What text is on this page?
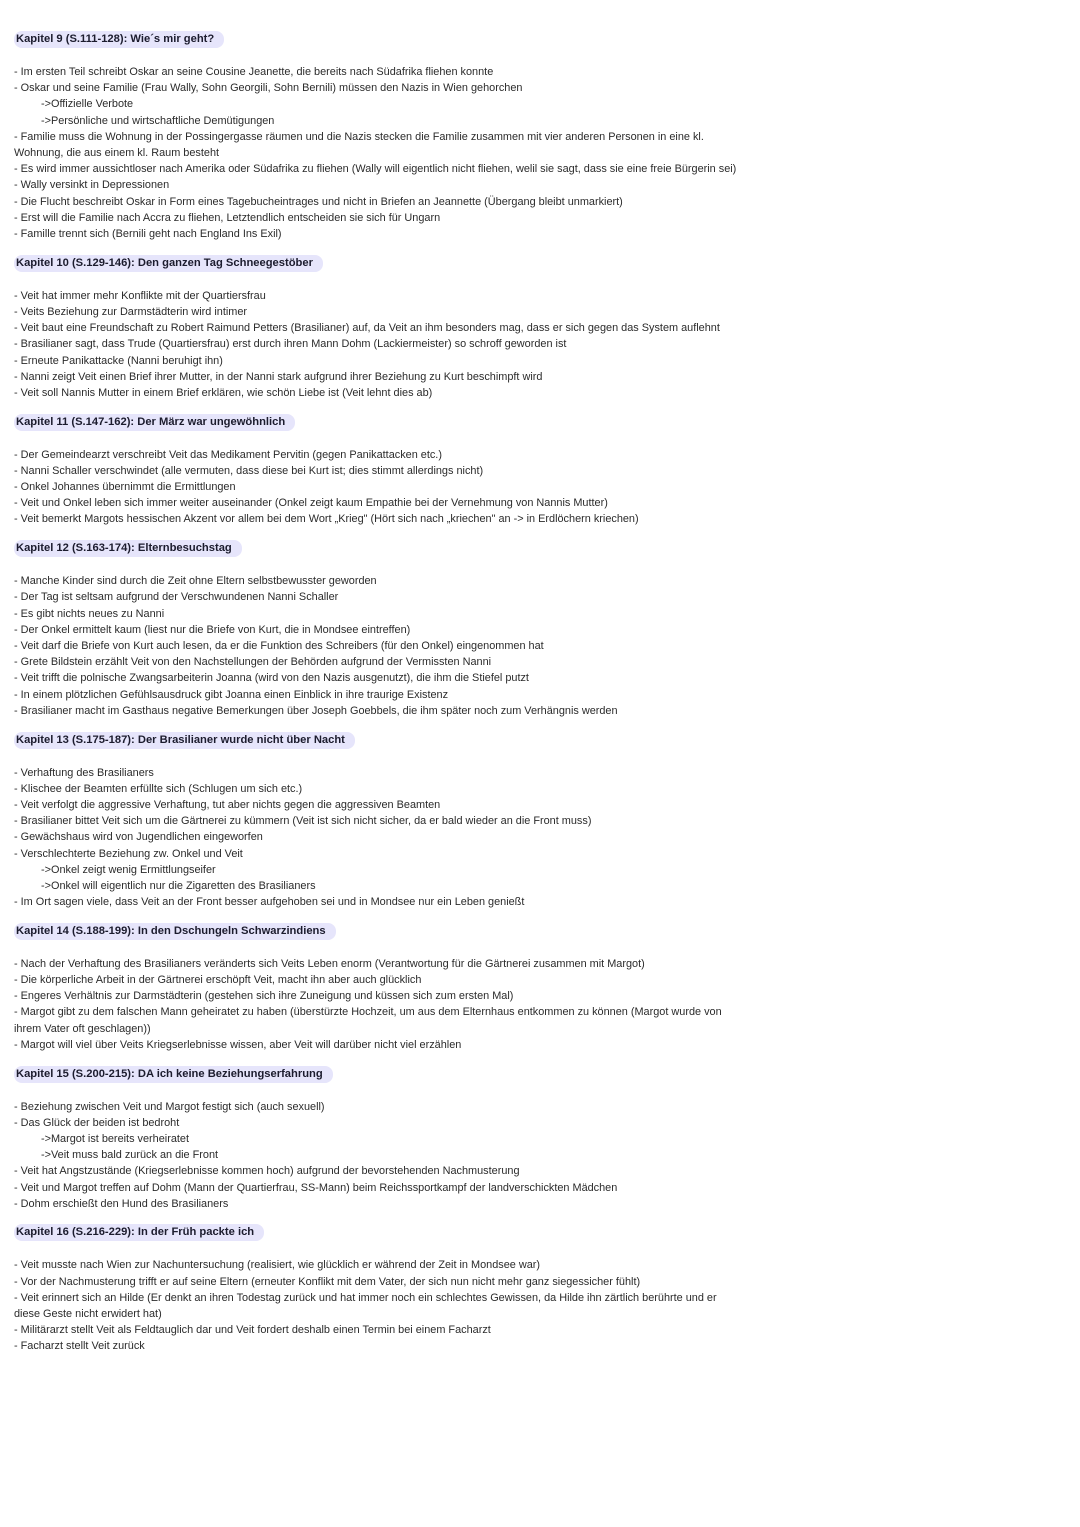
Kapitel 9 (S.111-128): Wie´s mir geht?
- Im ersten Teil schreibt Oskar an seine Cousine Jeanette, die bereits nach Südafrika fliehen konnte
- Oskar und seine Familie (Frau Wally, Sohn Georgili, Sohn Bernili) müssen den Nazis in Wien gehorchen
->Offizielle Verbote
->Persönliche und wirtschaftliche Demütigungen
- Familie muss die Wohnung in der Possingergasse räumen und die Nazis stecken die Familie zusammen mit vier anderen Personen in eine kl. Wohnung, die aus einem kl. Raum besteht
- Es wird immer aussichtloser nach Amerika oder Südafrika zu fliehen (Wally will eigentlich nicht fliehen, welil sie sagt, dass sie eine freie Bürgerin sei)
- Wally versinkt in Depressionen
- Die Flucht beschreibt Oskar in Form eines Tagebucheintrages und nicht in Briefen an Jeannette (Übergang bleibt unmarkiert)
- Erst will die Familie nach Accra zu fliehen, Letztendlich entscheiden sie sich für Ungarn
- Famille trennt sich (Bernili geht nach England Ins Exil)
Kapitel 10 (S.129-146): Den ganzen Tag Schneegestöber
- Veit hat immer mehr Konflikte mit der Quartiersfrau
- Veits Beziehung zur Darmstädterin wird intimer
- Veit baut eine Freundschaft zu Robert Raimund Petters (Brasilianer) auf, da Veit an ihm besonders mag, dass er sich gegen das System auflehnt
- Brasilianer sagt, dass Trude (Quartiersfrau) erst durch ihren Mann Dohm (Lackiermeister) so schroff geworden ist
- Erneute Panikattacke (Nanni beruhigt ihn)
- Nanni zeigt Veit einen Brief ihrer Mutter, in der Nanni stark aufgrund ihrer Beziehung zu Kurt beschimpft wird
- Veit soll Nannis Mutter in einem Brief erklären, wie schön Liebe ist (Veit lehnt dies ab)
Kapitel 11 (S.147-162): Der März war ungewöhnlich
- Der Gemeindearzt verschreibt Veit das Medikament Pervitin (gegen Panikattacken etc.)
- Nanni Schaller verschwindet (alle vermuten, dass diese bei Kurt ist; dies stimmt allerdings nicht)
- Onkel Johannes übernimmt die Ermittlungen
- Veit und Onkel leben sich immer weiter auseinander (Onkel zeigt kaum Empathie bei der Vernehmung von Nannis Mutter)
- Veit bemerkt Margots hessischen Akzent vor allem bei dem Wort „Krieg" (Hört sich nach „kriechen" an -> in Erdlöchern kriechen)
Kapitel 12 (S.163-174): Elternbesuchstag
- Manche Kinder sind durch die Zeit ohne Eltern selbstbewusster geworden
- Der Tag ist seltsam aufgrund der Verschwundenen Nanni Schaller
- Es gibt nichts neues zu Nanni
- Der Onkel ermittelt kaum (liest nur die Briefe von Kurt, die in Mondsee eintreffen)
- Veit darf die Briefe von Kurt auch lesen, da er die Funktion des Schreibers (für den Onkel) eingenommen hat
- Grete Bildstein erzählt Veit von den Nachstellungen der Behörden aufgrund der Vermissten Nanni
- Veit trifft die polnische Zwangsarbeiterin Joanna (wird von den Nazis ausgenutzt), die ihm die Stiefel putzt
- In einem plötzlichen Gefühlsausdruck gibt Joanna einen Einblick in ihre traurige Existenz
- Brasilianer macht im Gasthaus negative Bemerkungen über Joseph Goebbels, die ihm später noch zum Verhängnis werden
Kapitel 13 (S.175-187): Der Brasilianer wurde nicht über Nacht
- Verhaftung des Brasilianers
- Klischee der Beamten erfüllte sich (Schlugen um sich etc.)
- Veit verfolgt die aggressive Verhaftung, tut aber nichts gegen die aggressiven Beamten
- Brasilianer bittet Veit sich um die Gärtnerei zu kümmern (Veit ist sich nicht sicher, da er bald wieder an die Front muss)
- Gewächshaus wird von Jugendlichen eingeworfen
- Verschlechterte Beziehung zw. Onkel und Veit
->Onkel zeigt wenig Ermittlungseifer
->Onkel will eigentlich nur die Zigaretten des Brasilianers
- Im Ort sagen viele, dass Veit an der Front besser aufgehoben sei und in Mondsee nur ein Leben genießt
Kapitel 14 (S.188-199): In den Dschungeln Schwarzindiens
- Nach der Verhaftung des Brasilianers veränderts sich Veits Leben enorm (Verantwortung für die Gärtnerei zusammen mit Margot)
- Die körperliche Arbeit in der Gärtnerei erschöpft Veit, macht ihn aber auch glücklich
- Engeres Verhältnis zur Darmstädterin (gestehen sich ihre Zuneigung und küssen sich zum ersten Mal)
- Margot gibt zu dem falschen Mann geheiratet zu haben (überstürzte Hochzeit, um aus dem Elternhaus entkommen zu können (Margot wurde von ihrem Vater oft geschlagen))
- Margot will viel über Veits Kriegserlebnisse wissen, aber Veit will darüber nicht viel erzählen
Kapitel 15 (S.200-215): DA ich keine Beziehungserfahrung
- Beziehung zwischen Veit und Margot festigt sich (auch sexuell)
- Das Glück der beiden ist bedroht
->Margot ist bereits verheiratet
->Veit muss bald zurück an die Front
- Veit hat Angstzustände (Kriegserlebnisse kommen hoch) aufgrund der bevorstehenden Nachmusterung
- Veit und Margot treffen auf Dohm (Mann der Quartierfrau, SS-Mann) beim Reichssportkampf der landverschickten Mädchen
- Dohm erschießt den Hund des Brasilianers
Kapitel 16 (S.216-229): In der Früh packte ich
- Veit musste nach Wien zur Nachuntersuchung (realisiert, wie glücklich er während der Zeit in Mondsee war)
- Vor der Nachmusterung trifft er auf seine Eltern (erneuter Konflikt mit dem Vater, der sich nun nicht mehr ganz siegessicher fühlt)
- Veit erinnert sich an Hilde (Er denkt an ihren Todestag zurück und hat immer noch ein schlechtes Gewissen, da Hilde ihn zärtlich berührte und er diese Geste nicht erwidert hat)
- Militärarzt stellt Veit als Feldtauglich dar und Veit fordert deshalb einen Termin bei einem Facharzt
- Facharzt stellt Veit zurück
